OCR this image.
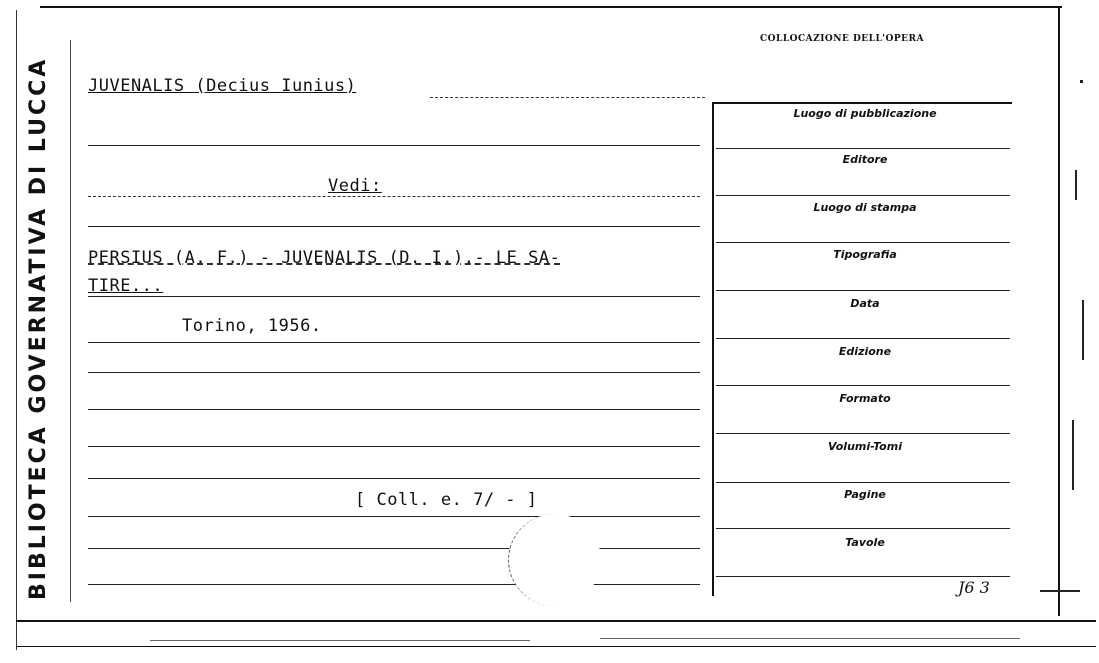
BIBLIOTECA GOVERNATIVA DI LUCCA
COLLOCAZIONE DELL'OPERA
JUVENALIS (Decius Iunius)
Vedi:
PERSIUS (A. F.) - JUVENALIS (D. I.).- LE SA-
TIRE...
Torino, 1956.
[ Coll. e. 7/ - ]
Luogo di pubblicazione
Editore
Luogo di stampa
Tipografia
Data
Edizione
Formato
Volumi-Tomi
Pagine
Tavole
J6 3
